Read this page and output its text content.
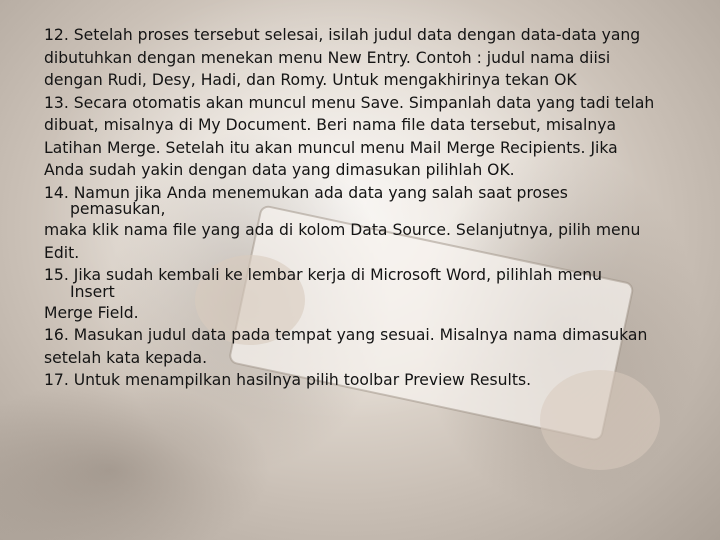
12. Setelah proses tersebut selesai, isilah judul data dengan data-data yang
dibutuhkan dengan menekan menu New Entry. Contoh : judul nama diisi
dengan Rudi, Desy, Hadi, dan Romy. Untuk mengakhirinya tekan OK
13. Secara otomatis akan muncul menu Save. Simpanlah data yang tadi telah
dibuat, misalnya di My Document. Beri nama file data tersebut, misalnya
Latihan Merge. Setelah itu akan muncul menu Mail Merge Recipients. Jika
Anda sudah yakin dengan data yang dimasukan pilihlah OK.
14. Namun jika Anda menemukan ada data yang salah saat proses
pemasukan,
maka klik nama file yang ada di kolom Data Source. Selanjutnya, pilih menu
Edit.
15. Jika sudah kembali ke lembar kerja di Microsoft Word, pilihlah menu
Insert
Merge Field.
16. Masukan judul data pada tempat yang sesuai. Misalnya nama dimasukan
setelah kata kepada.
17. Untuk menampilkan hasilnya pilih toolbar Preview Results.
